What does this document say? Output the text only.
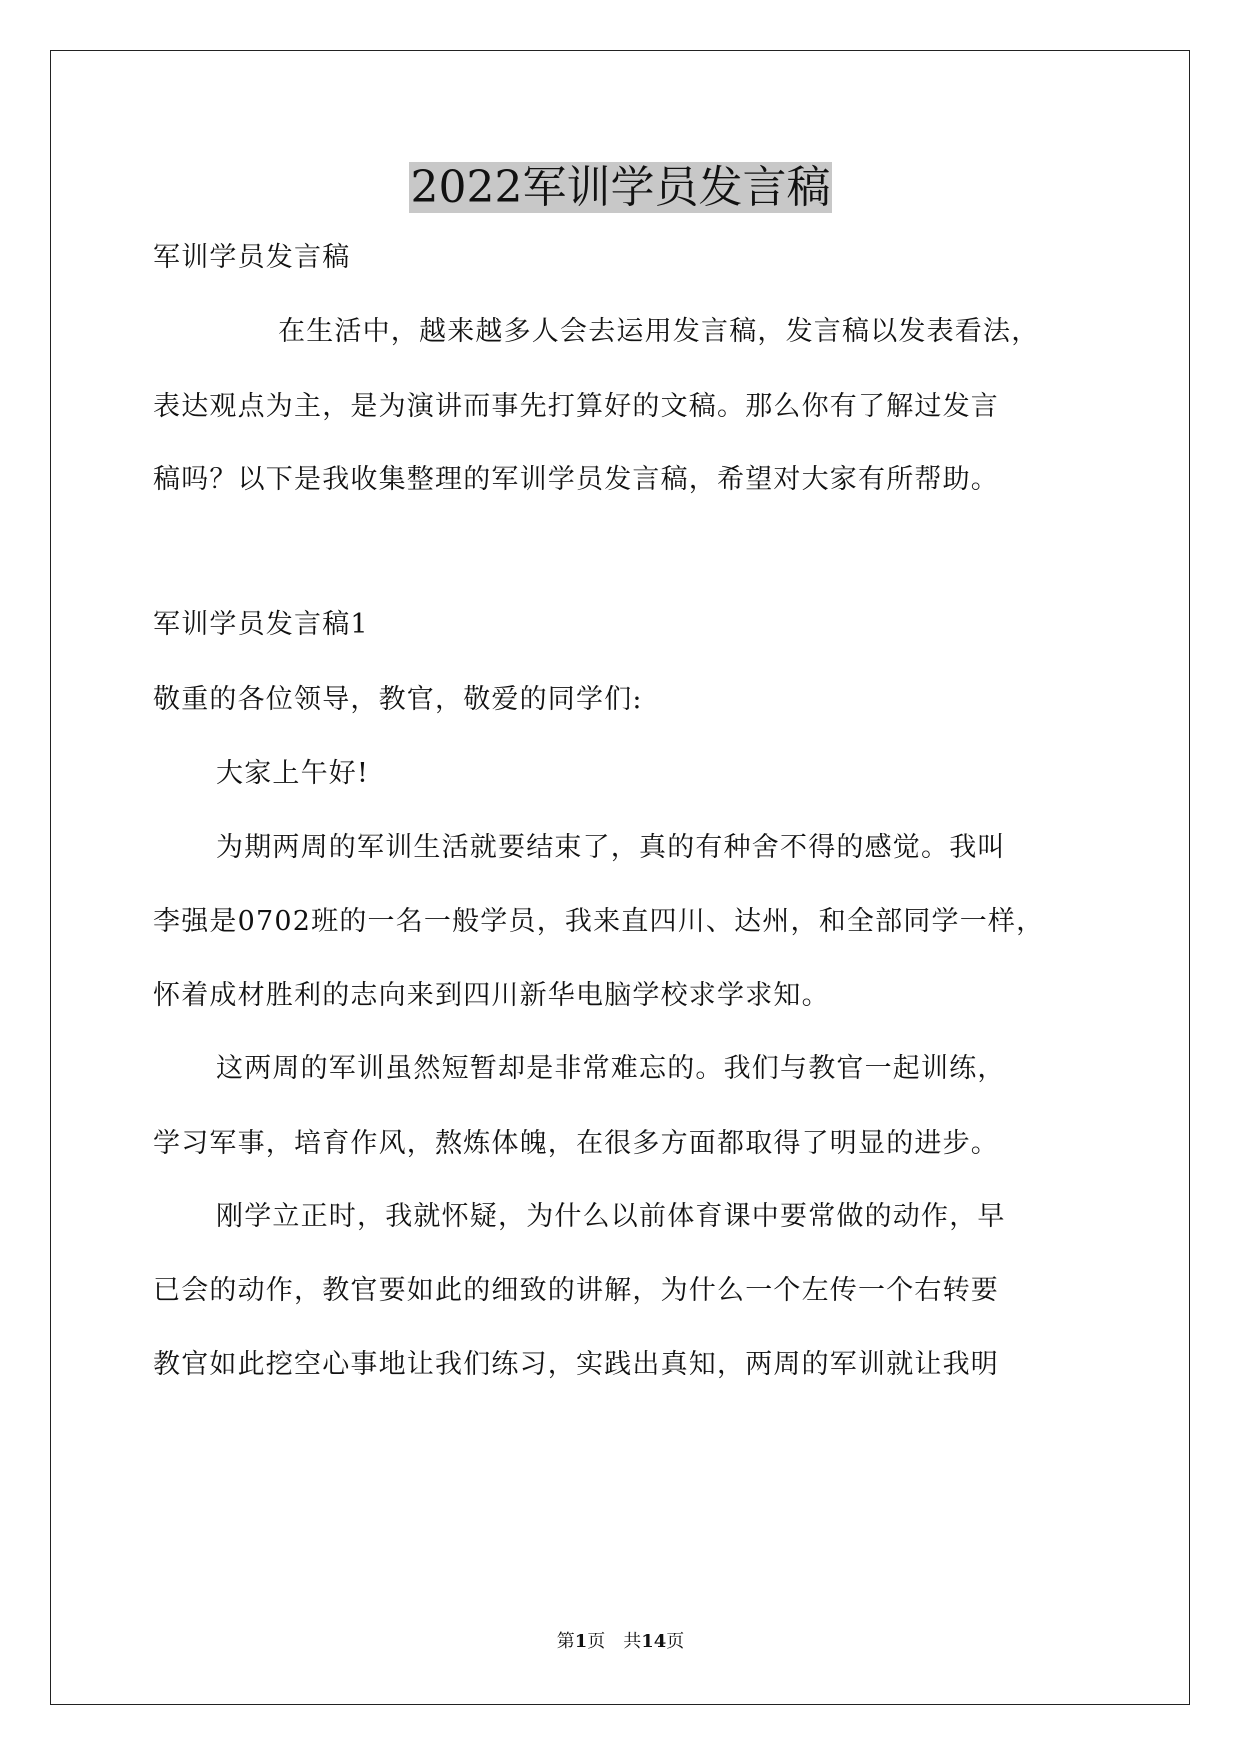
2022军训学员发言稿

军训学员发言稿

在生活中，越来越多人会去运用发言稿，发言稿以发表看法，

表达观点为主，是为演讲而事先打算好的文稿。那么你有了解过发言

稿吗？以下是我收集整理的军训学员发言稿，希望对大家有所帮助。

军训学员发言稿1

敬重的各位领导，教官，敬爱的同学们:

大家上午好!

为期两周的军训生活就要结束了，真的有种舍不得的感觉。我叫

李强是0702班的一名一般学员，我来直四川、达州，和全部同学一样，

怀着成材胜利的志向来到四川新华电脑学校求学求知。

这两周的军训虽然短暂却是非常难忘的。我们与教官一起训练，

学习军事，培育作风，熬炼体魄，在很多方面都取得了明显的进步。

刚学立正时，我就怀疑，为什么以前体育课中要常做的动作，早

已会的动作，教官要如此的细致的讲解，为什么一个左传一个右转要

教官如此挖空心事地让我们练习，实践出真知，两周的军训就让我明

第1页　共14页
